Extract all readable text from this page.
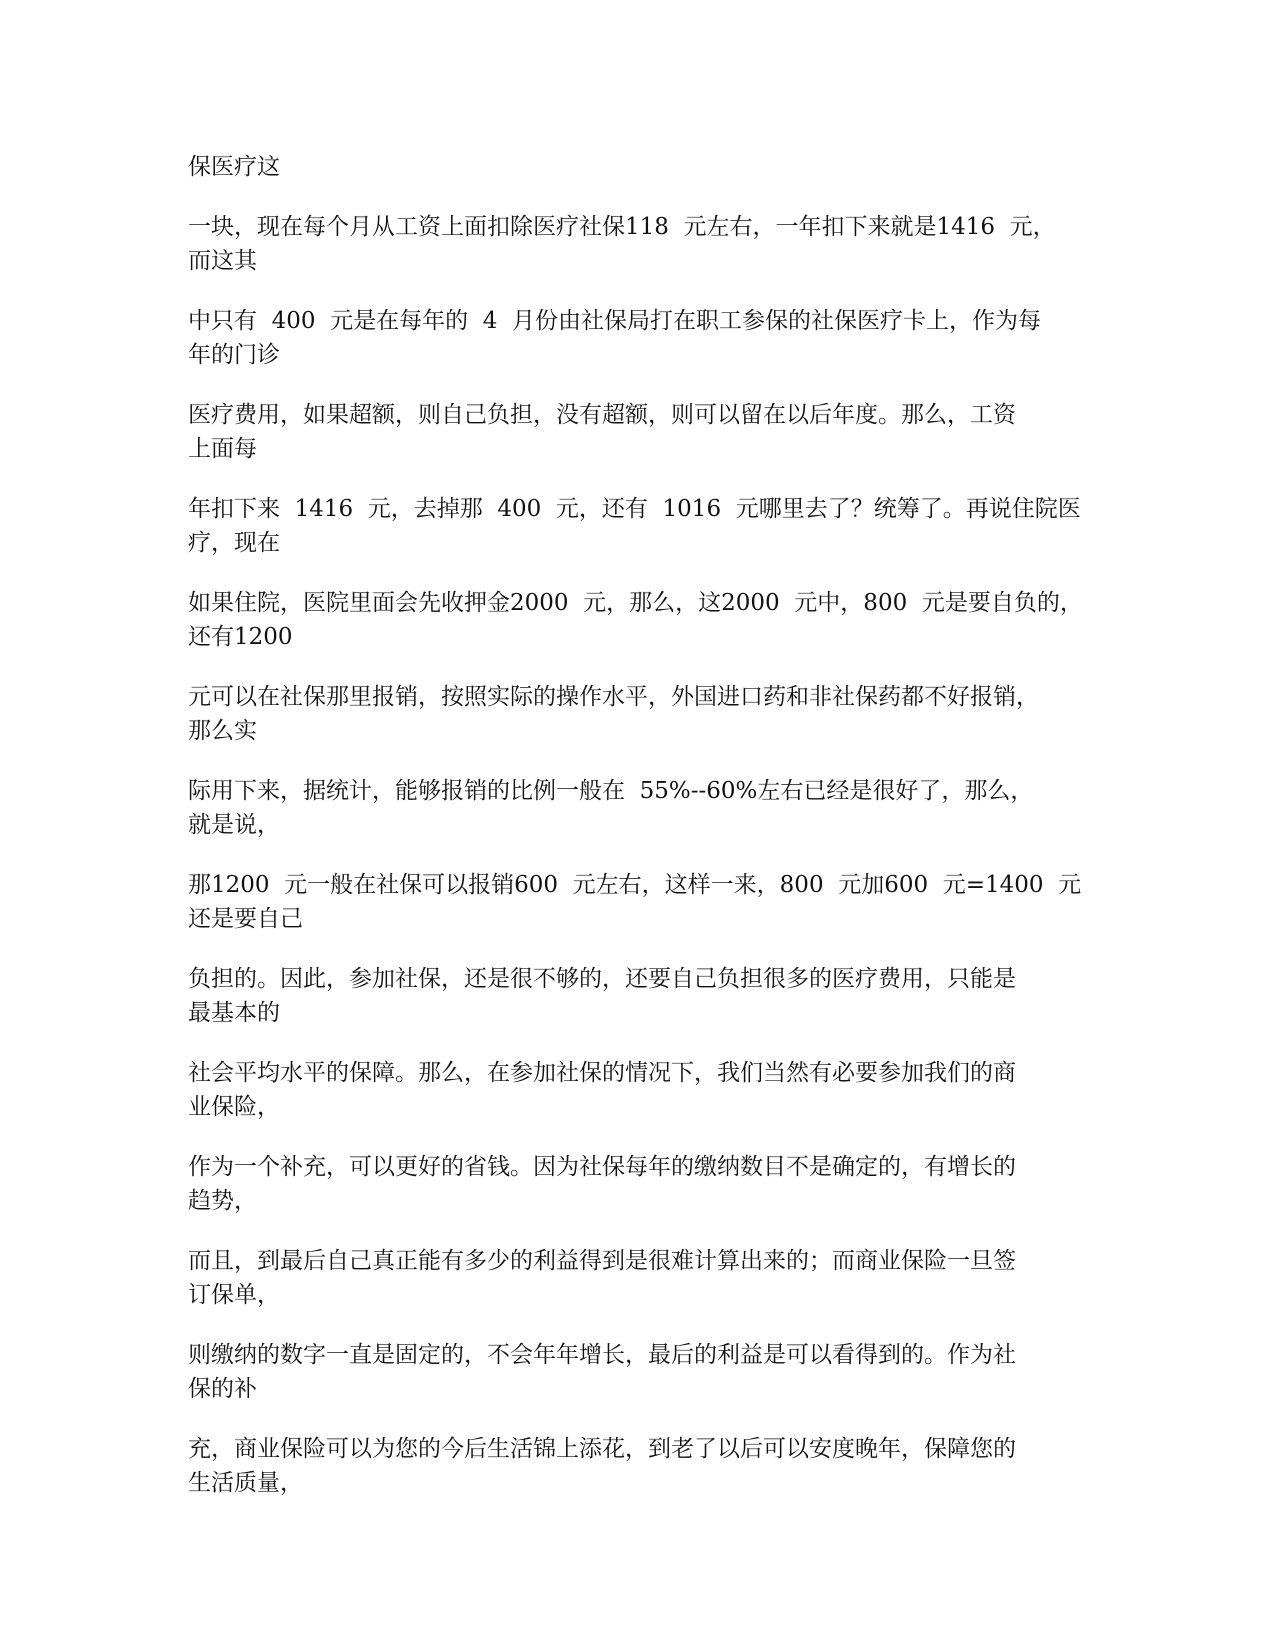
保医疗这

一块，现在每个月从工资上面扣除医疗社保118  元左右，一年扣下来就是1416  元，
而这其

中只有  400  元是在每年的  4  月份由社保局打在职工参保的社保医疗卡上，作为每
年的门诊

医疗费用，如果超额，则自己负担，没有超额，则可以留在以后年度。那么，工资
上面每

年扣下来  1416  元，去掉那  400  元，还有  1016  元哪里去了？统筹了。再说住院医
疗，现在

如果住院，医院里面会先收押金2000  元，那么，这2000  元中，800  元是要自负的，
还有1200

元可以在社保那里报销，按照实际的操作水平，外国进口药和非社保药都不好报销，
那么实

际用下来，据统计，能够报销的比例一般在  55%--60%左右已经是很好了，那么，
就是说，

那1200  元一般在社保可以报销600  元左右，这样一来，800  元加600  元=1400  元
还是要自己

负担的。因此，参加社保，还是很不够的，还要自己负担很多的医疗费用，只能是
最基本的

社会平均水平的保障。那么，在参加社保的情况下，我们当然有必要参加我们的商
业保险，

作为一个补充，可以更好的省钱。因为社保每年的缴纳数目不是确定的，有增长的
趋势，

而且，到最后自己真正能有多少的利益得到是很难计算出来的；而商业保险一旦签
订保单，

则缴纳的数字一直是固定的，不会年年增长，最后的利益是可以看得到的。作为社
保的补

充，商业保险可以为您的今后生活锦上添花，到老了以后可以安度晚年，保障您的
生活质量，
